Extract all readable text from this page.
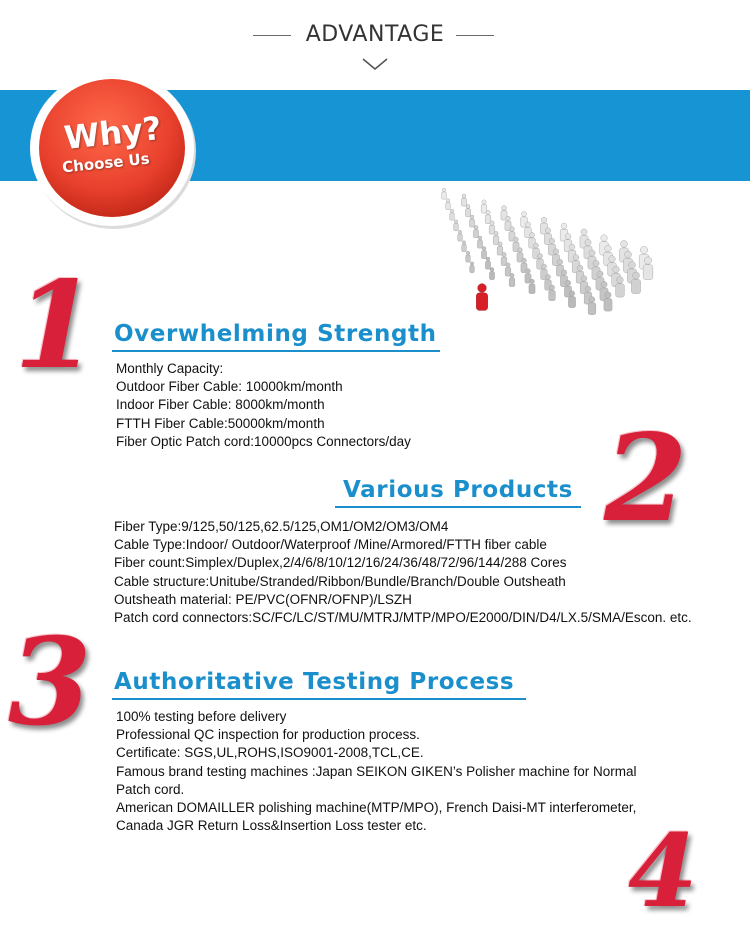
ADVANTAGE
Why?
Choose Us
1
2
3
4
Overwhelming Strength
Monthly Capacity:
Outdoor Fiber Cable: 10000km/month
Indoor Fiber Cable: 8000km/month
FTTH Fiber Cable:50000km/month
Fiber Optic Patch cord:10000pcs Connectors/day
Various Products
Fiber Type:9/125,50/125,62.5/125,OM1/OM2/OM3/OM4
Cable Type:Indoor/ Outdoor/Waterproof /Mine/Armored/FTTH fiber cable
Fiber count:Simplex/Duplex,2/4/6/8/10/12/16/24/36/48/72/96/144/288 Cores
Cable structure:Unitube/Stranded/Ribbon/Bundle/Branch/Double Outsheath
Outsheath material: PE/PVC(OFNR/OFNP)/LSZH
Patch cord connectors:SC/FC/LC/ST/MU/MTRJ/MTP/MPO/E2000/DIN/D4/LX.5/SMA/Escon. etc.
Authoritative Testing Process
100% testing before delivery
Professional QC inspection for production process.
Certificate: SGS,UL,ROHS,ISO9001-2008,TCL,CE.
Famous brand testing machines :Japan SEIKON GIKEN’s Polisher machine for Normal
Patch cord.
American DOMAILLER polishing machine(MTP/MPO), French Daisi-MT interferometer,
Canada JGR Return Loss&Insertion Loss tester etc.
